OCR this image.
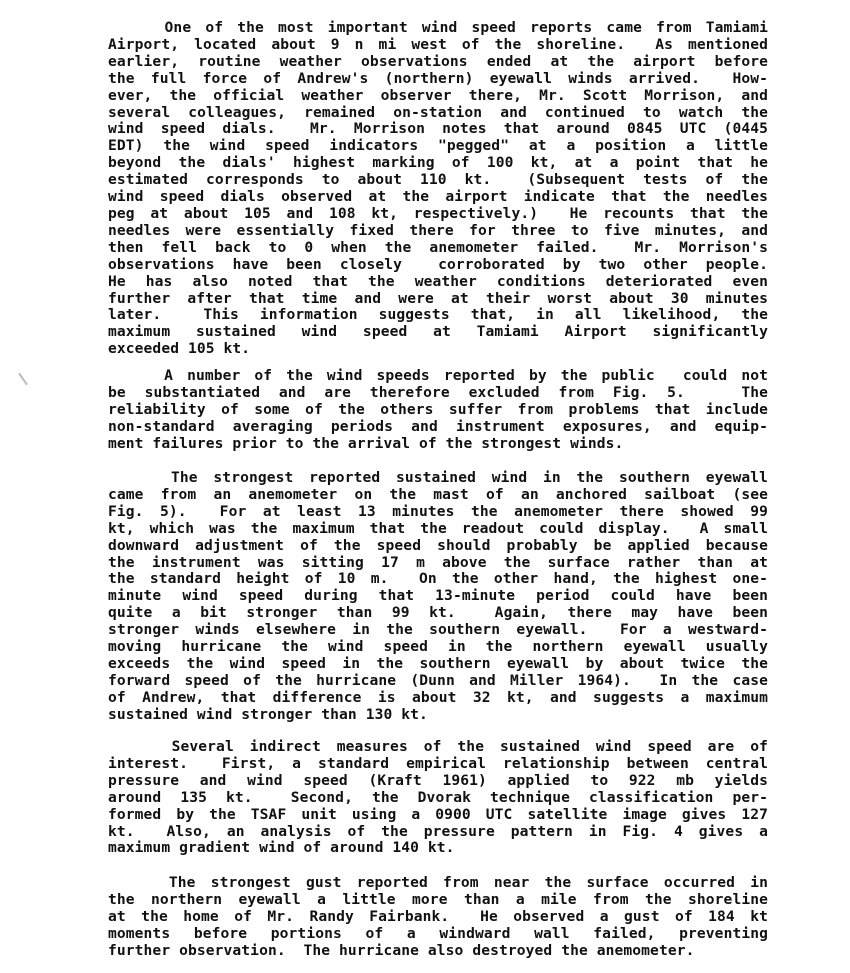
One of the most important wind speed reports came from Tamiami
Airport, located about 9 n mi west of the shoreline.  As mentioned
earlier, routine weather observations ended at the airport before
the full force of Andrew's (northern) eyewall winds arrived.  How-
ever, the official weather observer there, Mr. Scott Morrison, and
several colleagues, remained on-station and continued to watch the
wind speed dials.  Mr. Morrison notes that around 0845 UTC (0445
EDT) the wind speed indicators "pegged" at a position a little
beyond the dials' highest marking of 100 kt, at a point that he
estimated corresponds to about 110 kt.  (Subsequent tests of the
wind speed dials observed at the airport indicate that the needles
peg at about 105 and 108 kt, respectively.)  He recounts that the
needles were essentially fixed there for three to five minutes, and
then fell back to 0 when the anemometer failed.  Mr. Morrison's
observations have been closely  corroborated by two other people.
He has also noted that the weather conditions deteriorated even
further after that time and were at their worst about 30 minutes
later.  This information suggests that, in all likelihood, the
maximum sustained wind speed at Tamiami Airport significantly
exceeded 105 kt.
A number of the wind speeds reported by the public  could not
be substantiated and are therefore excluded from Fig. 5.   The
reliability of some of the others suffer from problems that include
non-standard averaging periods and instrument exposures, and equip-
ment failures prior to the arrival of the strongest winds.
The strongest reported sustained wind in the southern eyewall
came from an anemometer on the mast of an anchored sailboat (see
Fig. 5).  For at least 13 minutes the anemometer there showed 99
kt, which was the maximum that the readout could display.  A small
downward adjustment of the speed should probably be applied because
the instrument was sitting 17 m above the surface rather than at
the standard height of 10 m.  On the other hand, the highest one-
minute wind speed during that 13-minute period could have been
quite a bit stronger than 99 kt.  Again, there may have been
stronger winds elsewhere in the southern eyewall.  For a westward-
moving hurricane the wind speed in the northern eyewall usually
exceeds the wind speed in the southern eyewall by about twice the
forward speed of the hurricane (Dunn and Miller 1964).  In the case
of Andrew, that difference is about 32 kt, and suggests a maximum
sustained wind stronger than 130 kt.
Several indirect measures of the sustained wind speed are of
interest.  First, a standard empirical relationship between central
pressure and wind speed (Kraft 1961) applied to 922 mb yields
around 135 kt.  Second, the Dvorak technique classification per-
formed by the TSAF unit using a 0900 UTC satellite image gives 127
kt.  Also, an analysis of the pressure pattern in Fig. 4 gives a
maximum gradient wind of around 140 kt.
The strongest gust reported from near the surface occurred in
the northern eyewall a little more than a mile from the shoreline
at the home of Mr. Randy Fairbank.  He observed a gust of 184 kt
moments before portions of a windward wall failed, preventing
further observation.  The hurricane also destroyed the anemometer.
